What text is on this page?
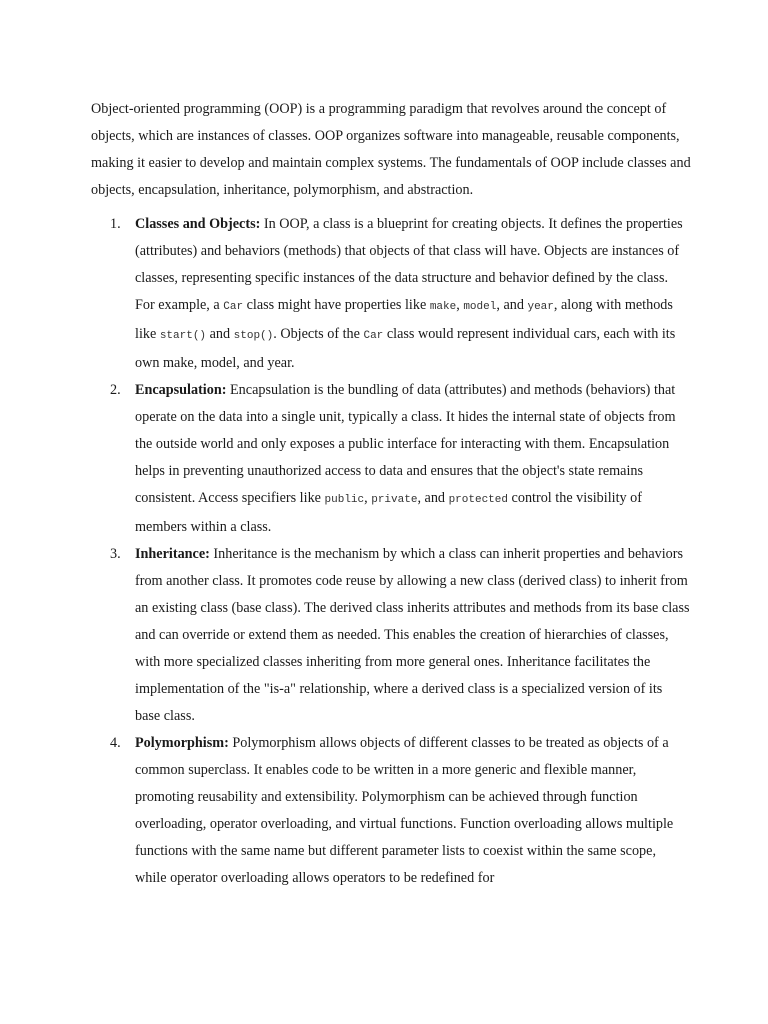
Object-oriented programming (OOP) is a programming paradigm that revolves around the concept of objects, which are instances of classes. OOP organizes software into manageable, reusable components, making it easier to develop and maintain complex systems. The fundamentals of OOP include classes and objects, encapsulation, inheritance, polymorphism, and abstraction.

1. Classes and Objects: In OOP, a class is a blueprint for creating objects. It defines the properties (attributes) and behaviors (methods) that objects of that class will have. Objects are instances of classes, representing specific instances of the data structure and behavior defined by the class. For example, a Car class might have properties like make, model, and year, along with methods like start() and stop(). Objects of the Car class would represent individual cars, each with its own make, model, and year.
2. Encapsulation: Encapsulation is the bundling of data (attributes) and methods (behaviors) that operate on the data into a single unit, typically a class. It hides the internal state of objects from the outside world and only exposes a public interface for interacting with them. Encapsulation helps in preventing unauthorized access to data and ensures that the object's state remains consistent. Access specifiers like public, private, and protected control the visibility of members within a class.
3. Inheritance: Inheritance is the mechanism by which a class can inherit properties and behaviors from another class. It promotes code reuse by allowing a new class (derived class) to inherit from an existing class (base class). The derived class inherits attributes and methods from its base class and can override or extend them as needed. This enables the creation of hierarchies of classes, with more specialized classes inheriting from more general ones. Inheritance facilitates the implementation of the "is-a" relationship, where a derived class is a specialized version of its base class.
4. Polymorphism: Polymorphism allows objects of different classes to be treated as objects of a common superclass. It enables code to be written in a more generic and flexible manner, promoting reusability and extensibility. Polymorphism can be achieved through function overloading, operator overloading, and virtual functions. Function overloading allows multiple functions with the same name but different parameter lists to coexist within the same scope, while operator overloading allows operators to be redefined for
